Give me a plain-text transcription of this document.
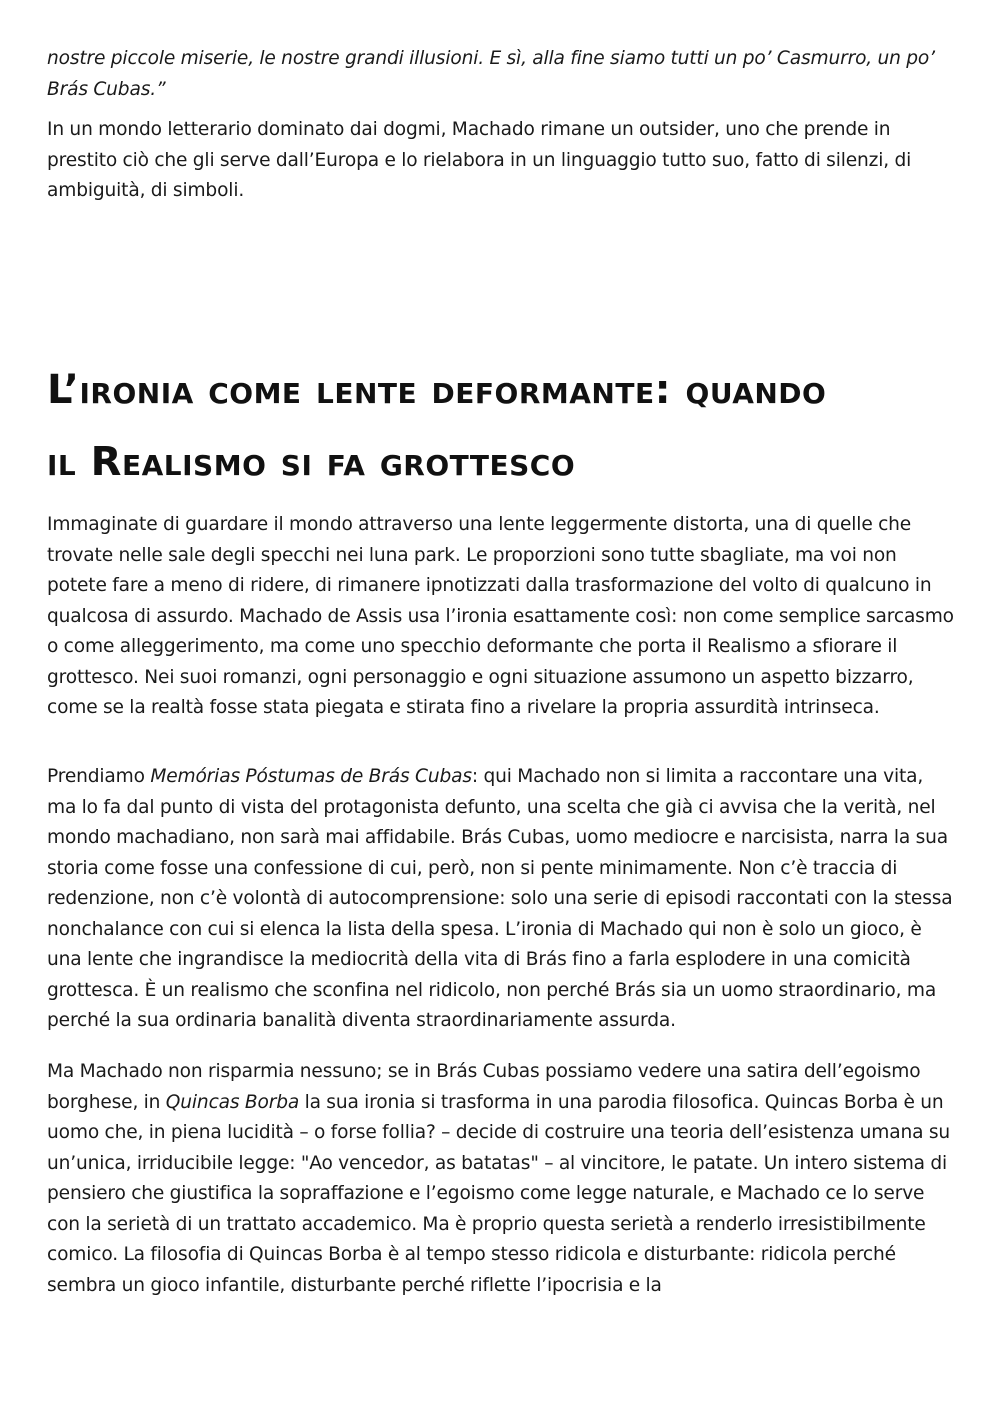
nostre piccole miserie, le nostre grandi illusioni. E sì, alla fine siamo tutti un po’ Casmurro, un po’ Brás Cubas.”

In un mondo letterario dominato dai dogmi, Machado rimane un outsider, uno che prende in prestito ciò che gli serve dall’Europa e lo rielabora in un linguaggio tutto suo, fatto di silenzi, di ambiguità, di simboli.

L’ironia come lente deformante: quando
il Realismo si fa grottesco

Immaginate di guardare il mondo attraverso una lente leggermente distorta, una di quelle che trovate nelle sale degli specchi nei luna park. Le proporzioni sono tutte sbagliate, ma voi non potete fare a meno di ridere, di rimanere ipnotizzati dalla trasformazione del volto di qualcuno in qualcosa di assurdo. Machado de Assis usa l’ironia esattamente così: non come semplice sarcasmo o come alleggerimento, ma come uno specchio deformante che porta il Realismo a sfiorare il grottesco. Nei suoi romanzi, ogni personaggio e ogni situazione assumono un aspetto bizzarro, come se la realtà fosse stata piegata e stirata fino a rivelare la propria assurdità intrinseca.

Prendiamo Memórias Póstumas de Brás Cubas: qui Machado non si limita a raccontare una vita, ma lo fa dal punto di vista del protagonista defunto, una scelta che già ci avvisa che la verità, nel mondo machadiano, non sarà mai affidabile. Brás Cubas, uomo mediocre e narcisista, narra la sua storia come fosse una confessione di cui, però, non si pente minimamente. Non c’è traccia di redenzione, non c’è volontà di autocomprensione: solo una serie di episodi raccontati con la stessa nonchalance con cui si elenca la lista della spesa. L’ironia di Machado qui non è solo un gioco, è una lente che ingrandisce la mediocrità della vita di Brás fino a farla esplodere in una comicità grottesca. È un realismo che sconfina nel ridicolo, non perché Brás sia un uomo straordinario, ma perché la sua ordinaria banalità diventa straordinariamente assurda.

Ma Machado non risparmia nessuno; se in Brás Cubas possiamo vedere una satira dell’egoismo borghese, in Quincas Borba la sua ironia si trasforma in una parodia filosofica. Quincas Borba è un uomo che, in piena lucidità – o forse follia? – decide di costruire una teoria dell’esistenza umana su un’unica, irriducibile legge: "Ao vencedor, as batatas" – al vincitore, le patate. Un intero sistema di pensiero che giustifica la sopraffazione e l’egoismo come legge naturale, e Machado ce lo serve con la serietà di un trattato accademico. Ma è proprio questa serietà a renderlo irresistibilmente comico. La filosofia di Quincas Borba è al tempo stesso ridicola e disturbante: ridicola perché sembra un gioco infantile, disturbante perché riflette l’ipocrisia e la
